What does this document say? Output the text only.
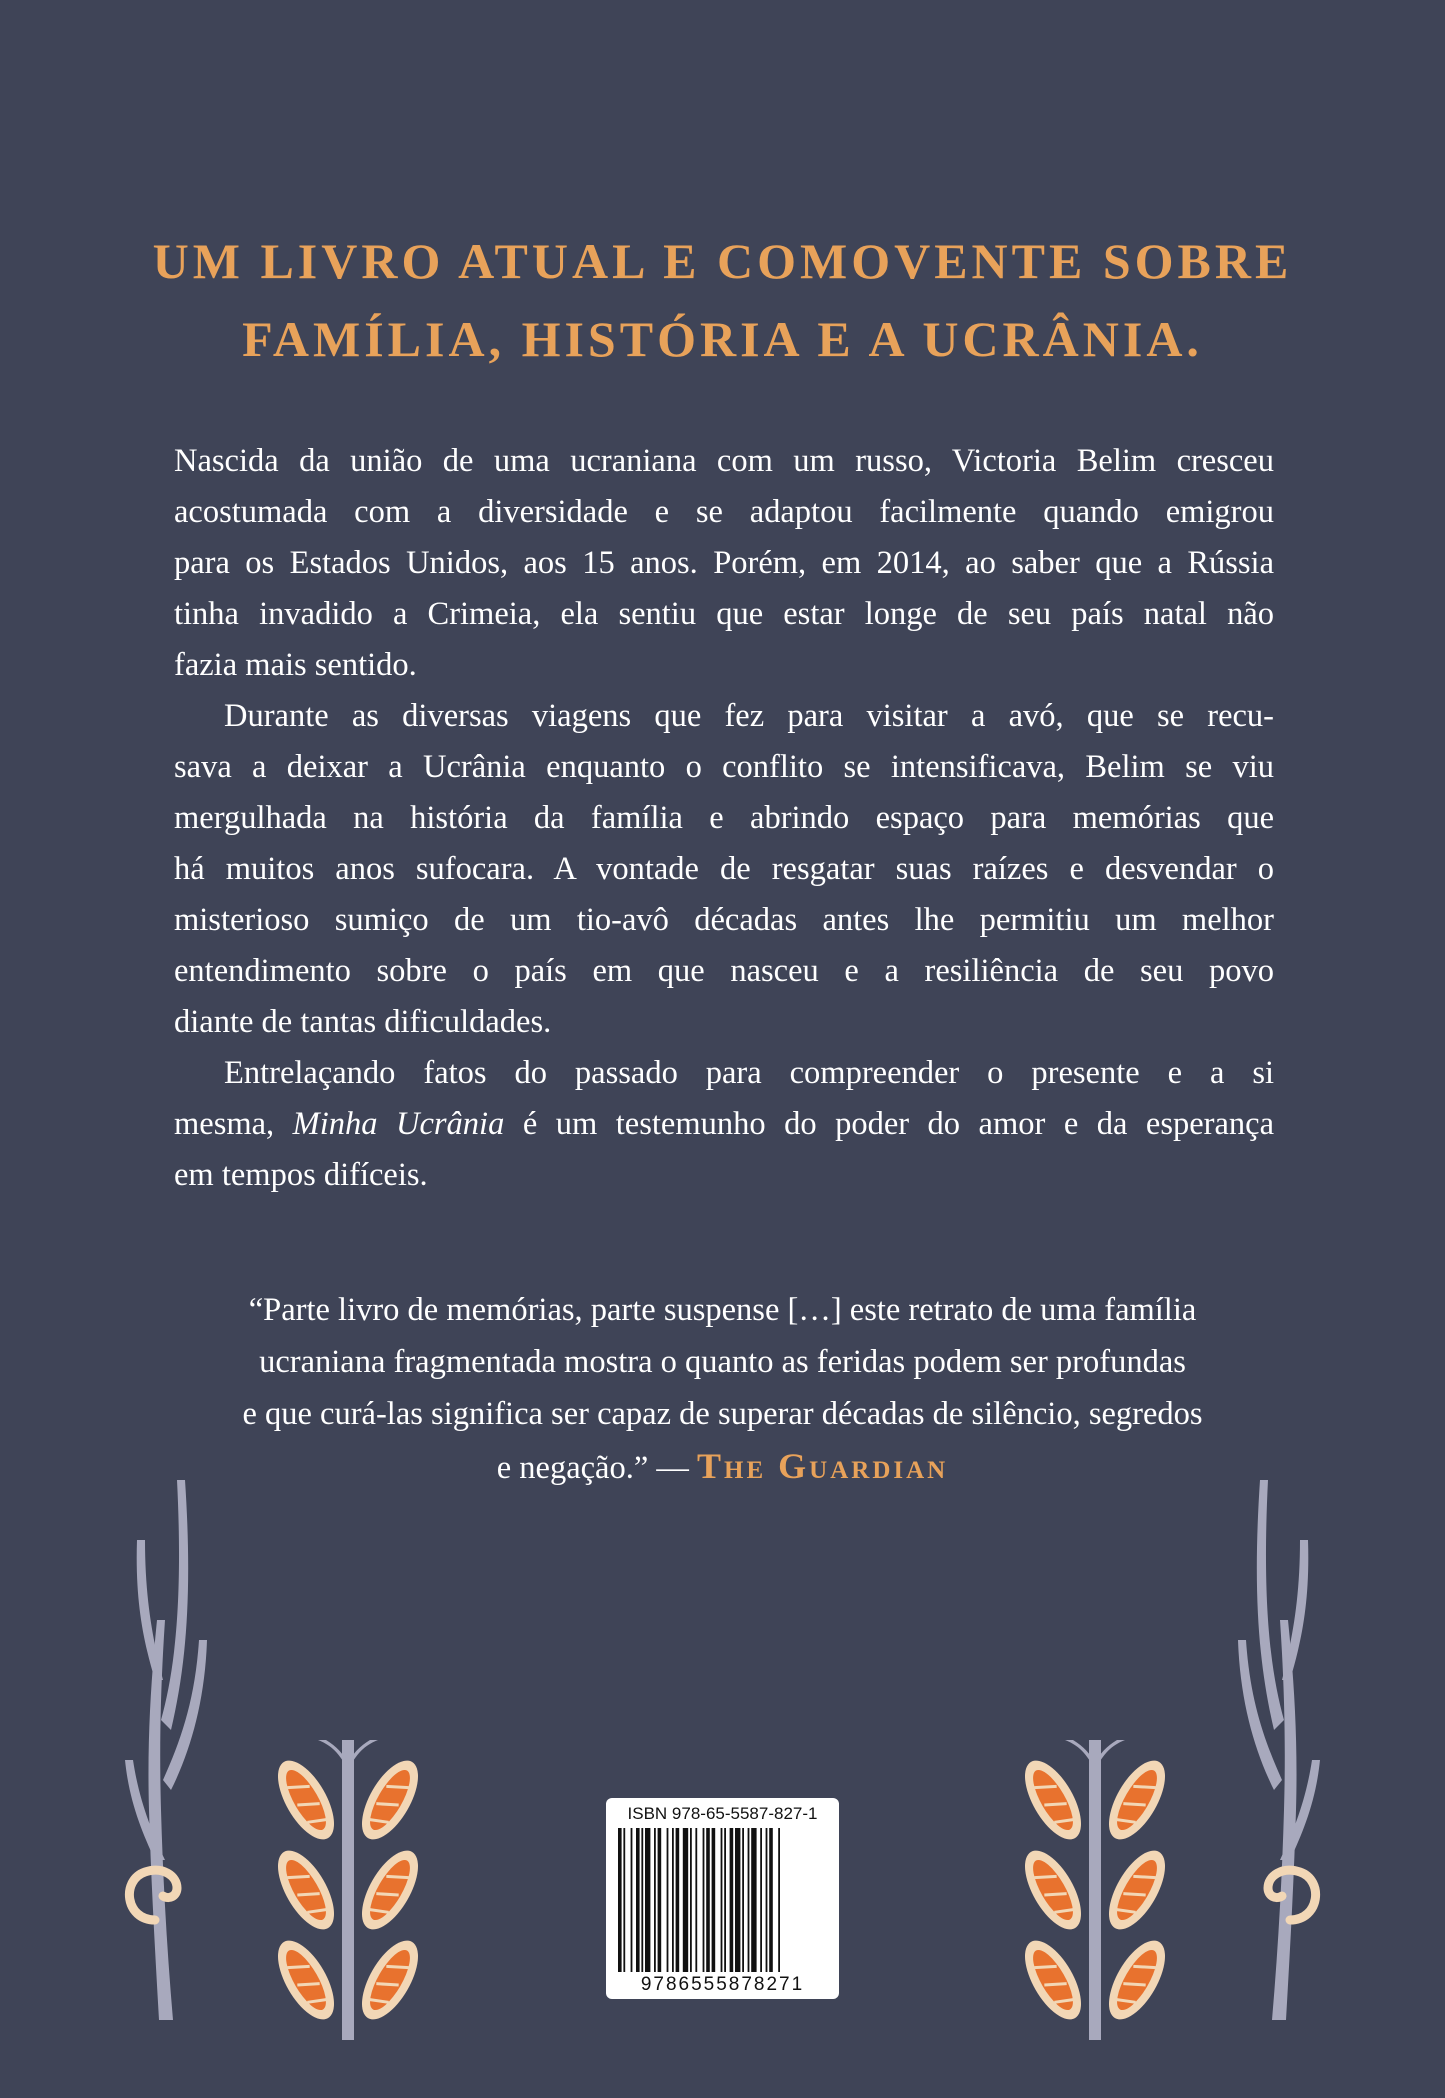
UM LIVRO ATUAL E COMOVENTE SOBRE
FAMÍLIA, HISTÓRIA E A UCRÂNIA.
Nascida da união de uma ucraniana com um russo, Victoria Belim cresceu
acostumada com a diversidade e se adaptou facilmente quando emigrou
para os Estados Unidos, aos 15 anos. Porém, em 2014, ao saber que a Rússia
tinha invadido a Crimeia, ela sentiu que estar longe de seu país natal não
fazia mais sentido.
Durante as diversas viagens que fez para visitar a avó, que se recu-
sava a deixar a Ucrânia enquanto o conflito se intensificava, Belim se viu
mergulhada na história da família e abrindo espaço para memórias que
há muitos anos sufocara. A vontade de resgatar suas raízes e desvendar o
misterioso sumiço de um tio-avô décadas antes lhe permitiu um melhor
entendimento sobre o país em que nasceu e a resiliência de seu povo
diante de tantas dificuldades.
Entrelaçando fatos do passado para compreender o presente e a si
mesma, Minha Ucrânia é um testemunho do poder do amor e da esperança
em tempos difíceis.
“Parte livro de memórias, parte suspense […] este retrato de uma família
ucraniana fragmentada mostra o quanto as feridas podem ser profundas
e que curá-las significa ser capaz de superar décadas de silêncio, segredos
e negação.” — The Guardian
ISBN 978-65-5587-827-1
9786555878271
